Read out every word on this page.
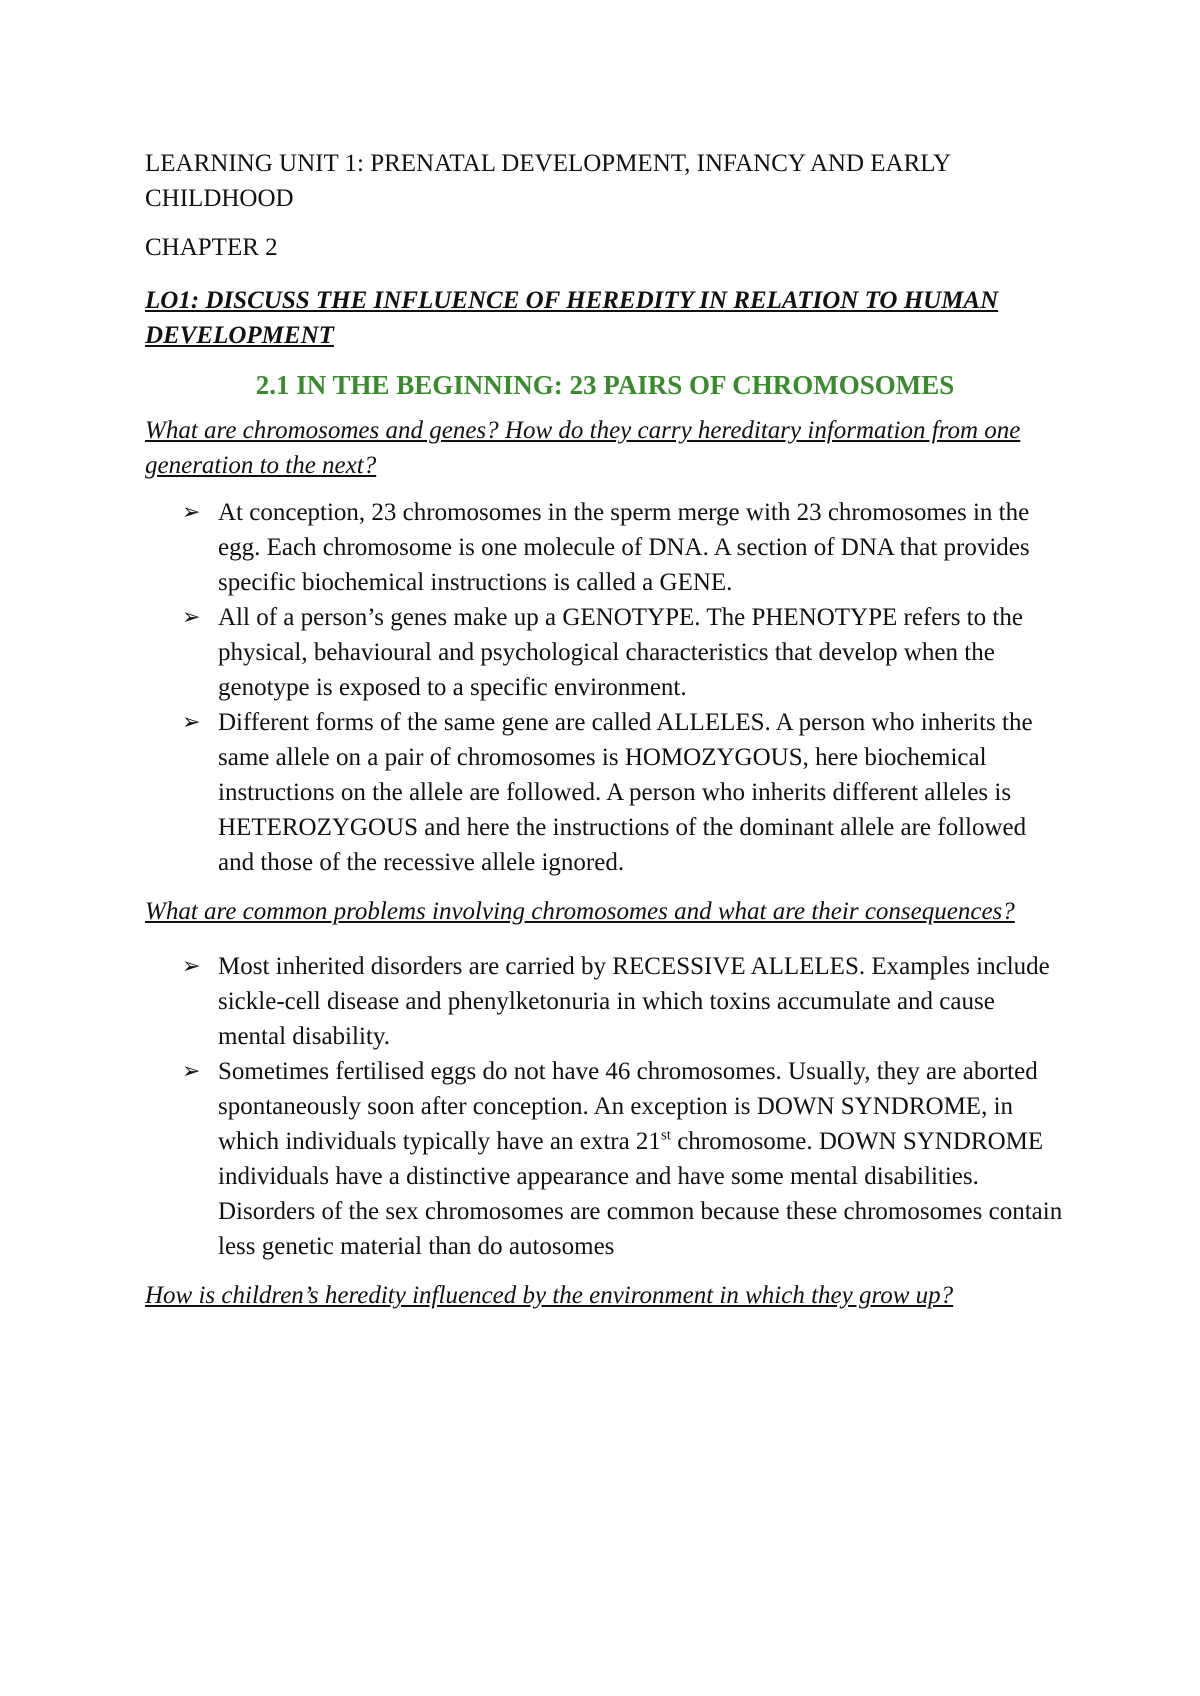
LEARNING UNIT 1: PRENATAL DEVELOPMENT, INFANCY AND EARLY CHILDHOOD

CHAPTER 2

LO1: DISCUSS THE INFLUENCE OF HEREDITY IN RELATION TO HUMAN DEVELOPMENT

2.1 IN THE BEGINNING: 23 PAIRS OF CHROMOSOMES

What are chromosomes and genes? How do they carry hereditary information from one generation to the next?

➢ At conception, 23 chromosomes in the sperm merge with 23 chromosomes in the egg. Each chromosome is one molecule of DNA. A section of DNA that provides specific biochemical instructions is called a GENE.
➢ All of a person’s genes make up a GENOTYPE. The PHENOTYPE refers to the physical, behavioural and psychological characteristics that develop when the genotype is exposed to a specific environment.
➢ Different forms of the same gene are called ALLELES. A person who inherits the same allele on a pair of chromosomes is HOMOZYGOUS, here biochemical instructions on the allele are followed. A person who inherits different alleles is HETEROZYGOUS and here the instructions of the dominant allele are followed and those of the recessive allele ignored.

What are common problems involving chromosomes and what are their consequences?

➢ Most inherited disorders are carried by RECESSIVE ALLELES. Examples include sickle-cell disease and phenylketonuria in which toxins accumulate and cause mental disability.
➢ Sometimes fertilised eggs do not have 46 chromosomes. Usually, they are aborted spontaneously soon after conception. An exception is DOWN SYNDROME, in which individuals typically have an extra 21st chromosome. DOWN SYNDROME individuals have a distinctive appearance and have some mental disabilities. Disorders of the sex chromosomes are common because these chromosomes contain less genetic material than do autosomes

How is children’s heredity influenced by the environment in which they grow up?
